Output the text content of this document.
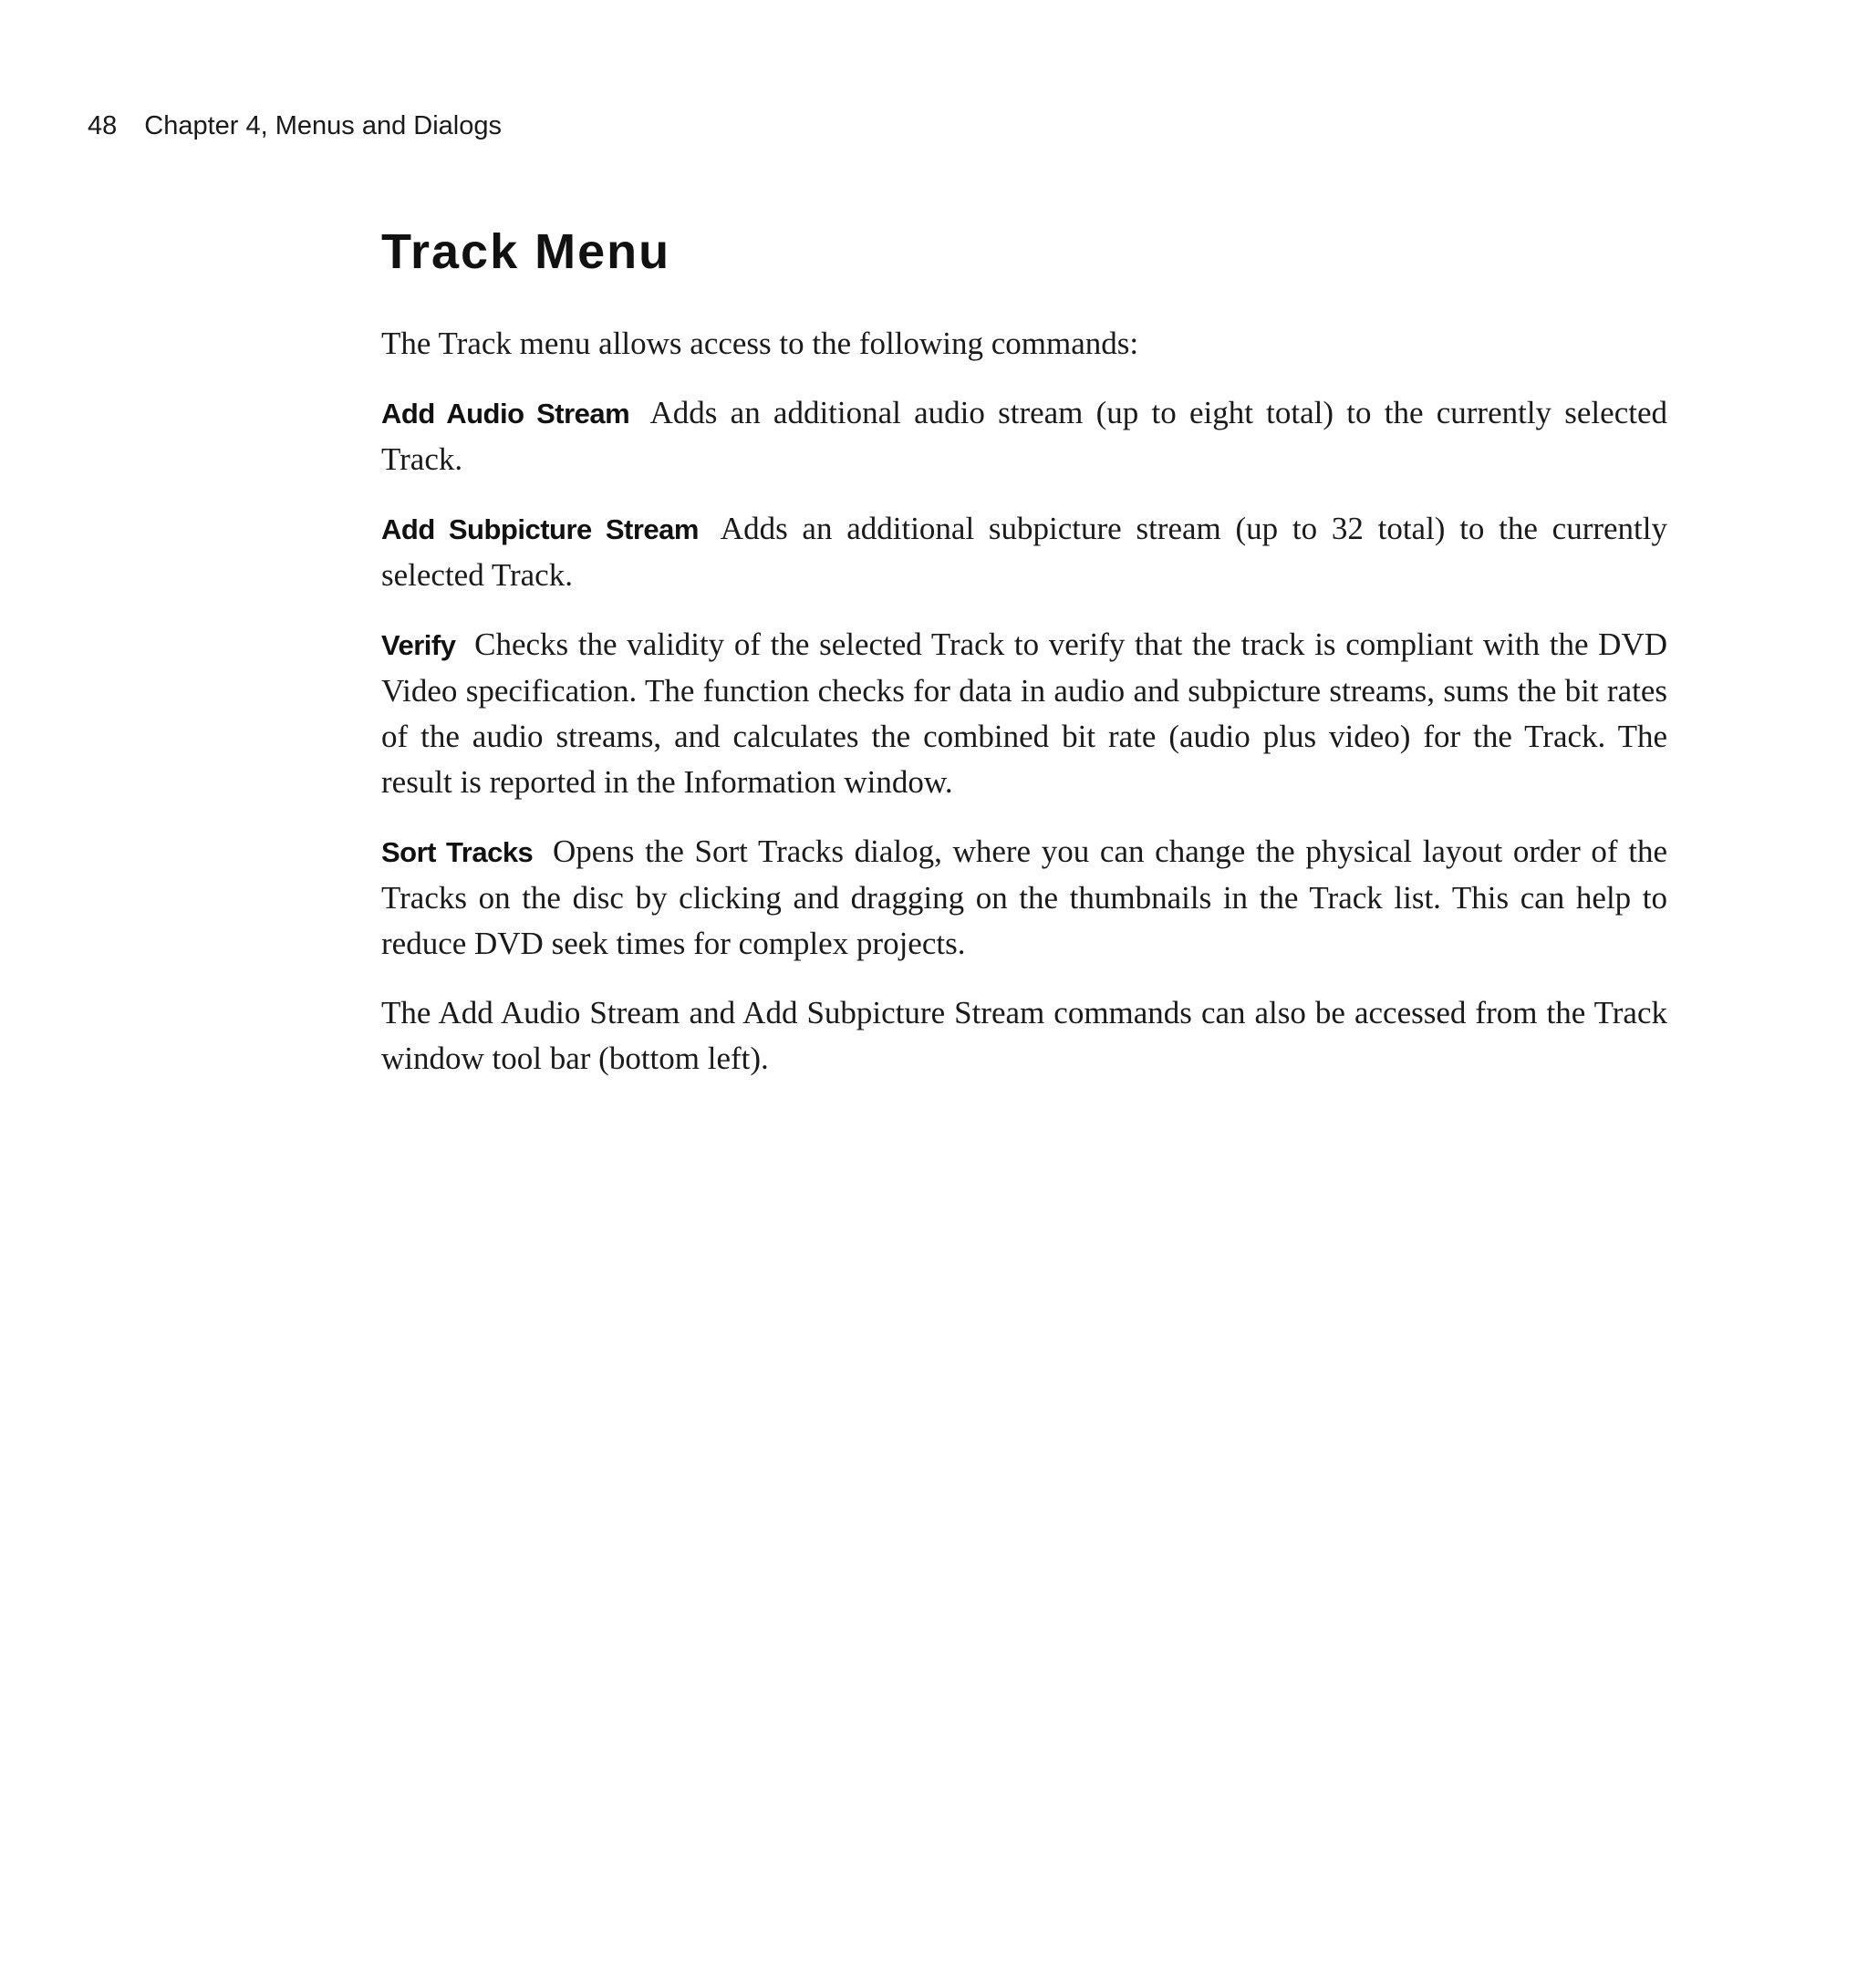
48 Chapter 4, Menus and Dialogs
Track Menu

The Track menu allows access to the following commands:

Add Audio Stream Adds an additional audio stream (up to eight total) to the currently selected Track.

Add Subpicture Stream Adds an additional subpicture stream (up to 32 total) to the currently selected Track.

Verify Checks the validity of the selected Track to verify that the track is compliant with the DVD Video specification. The function checks for data in audio and subpicture streams, sums the bit rates of the audio streams, and calculates the combined bit rate (audio plus video) for the Track. The result is reported in the Information window.

Sort Tracks Opens the Sort Tracks dialog, where you can change the physical layout order of the Tracks on the disc by clicking and dragging on the thumbnails in the Track list. This can help to reduce DVD seek times for complex projects.

The Add Audio Stream and Add Subpicture Stream commands can also be accessed from the Track window tool bar (bottom left).
